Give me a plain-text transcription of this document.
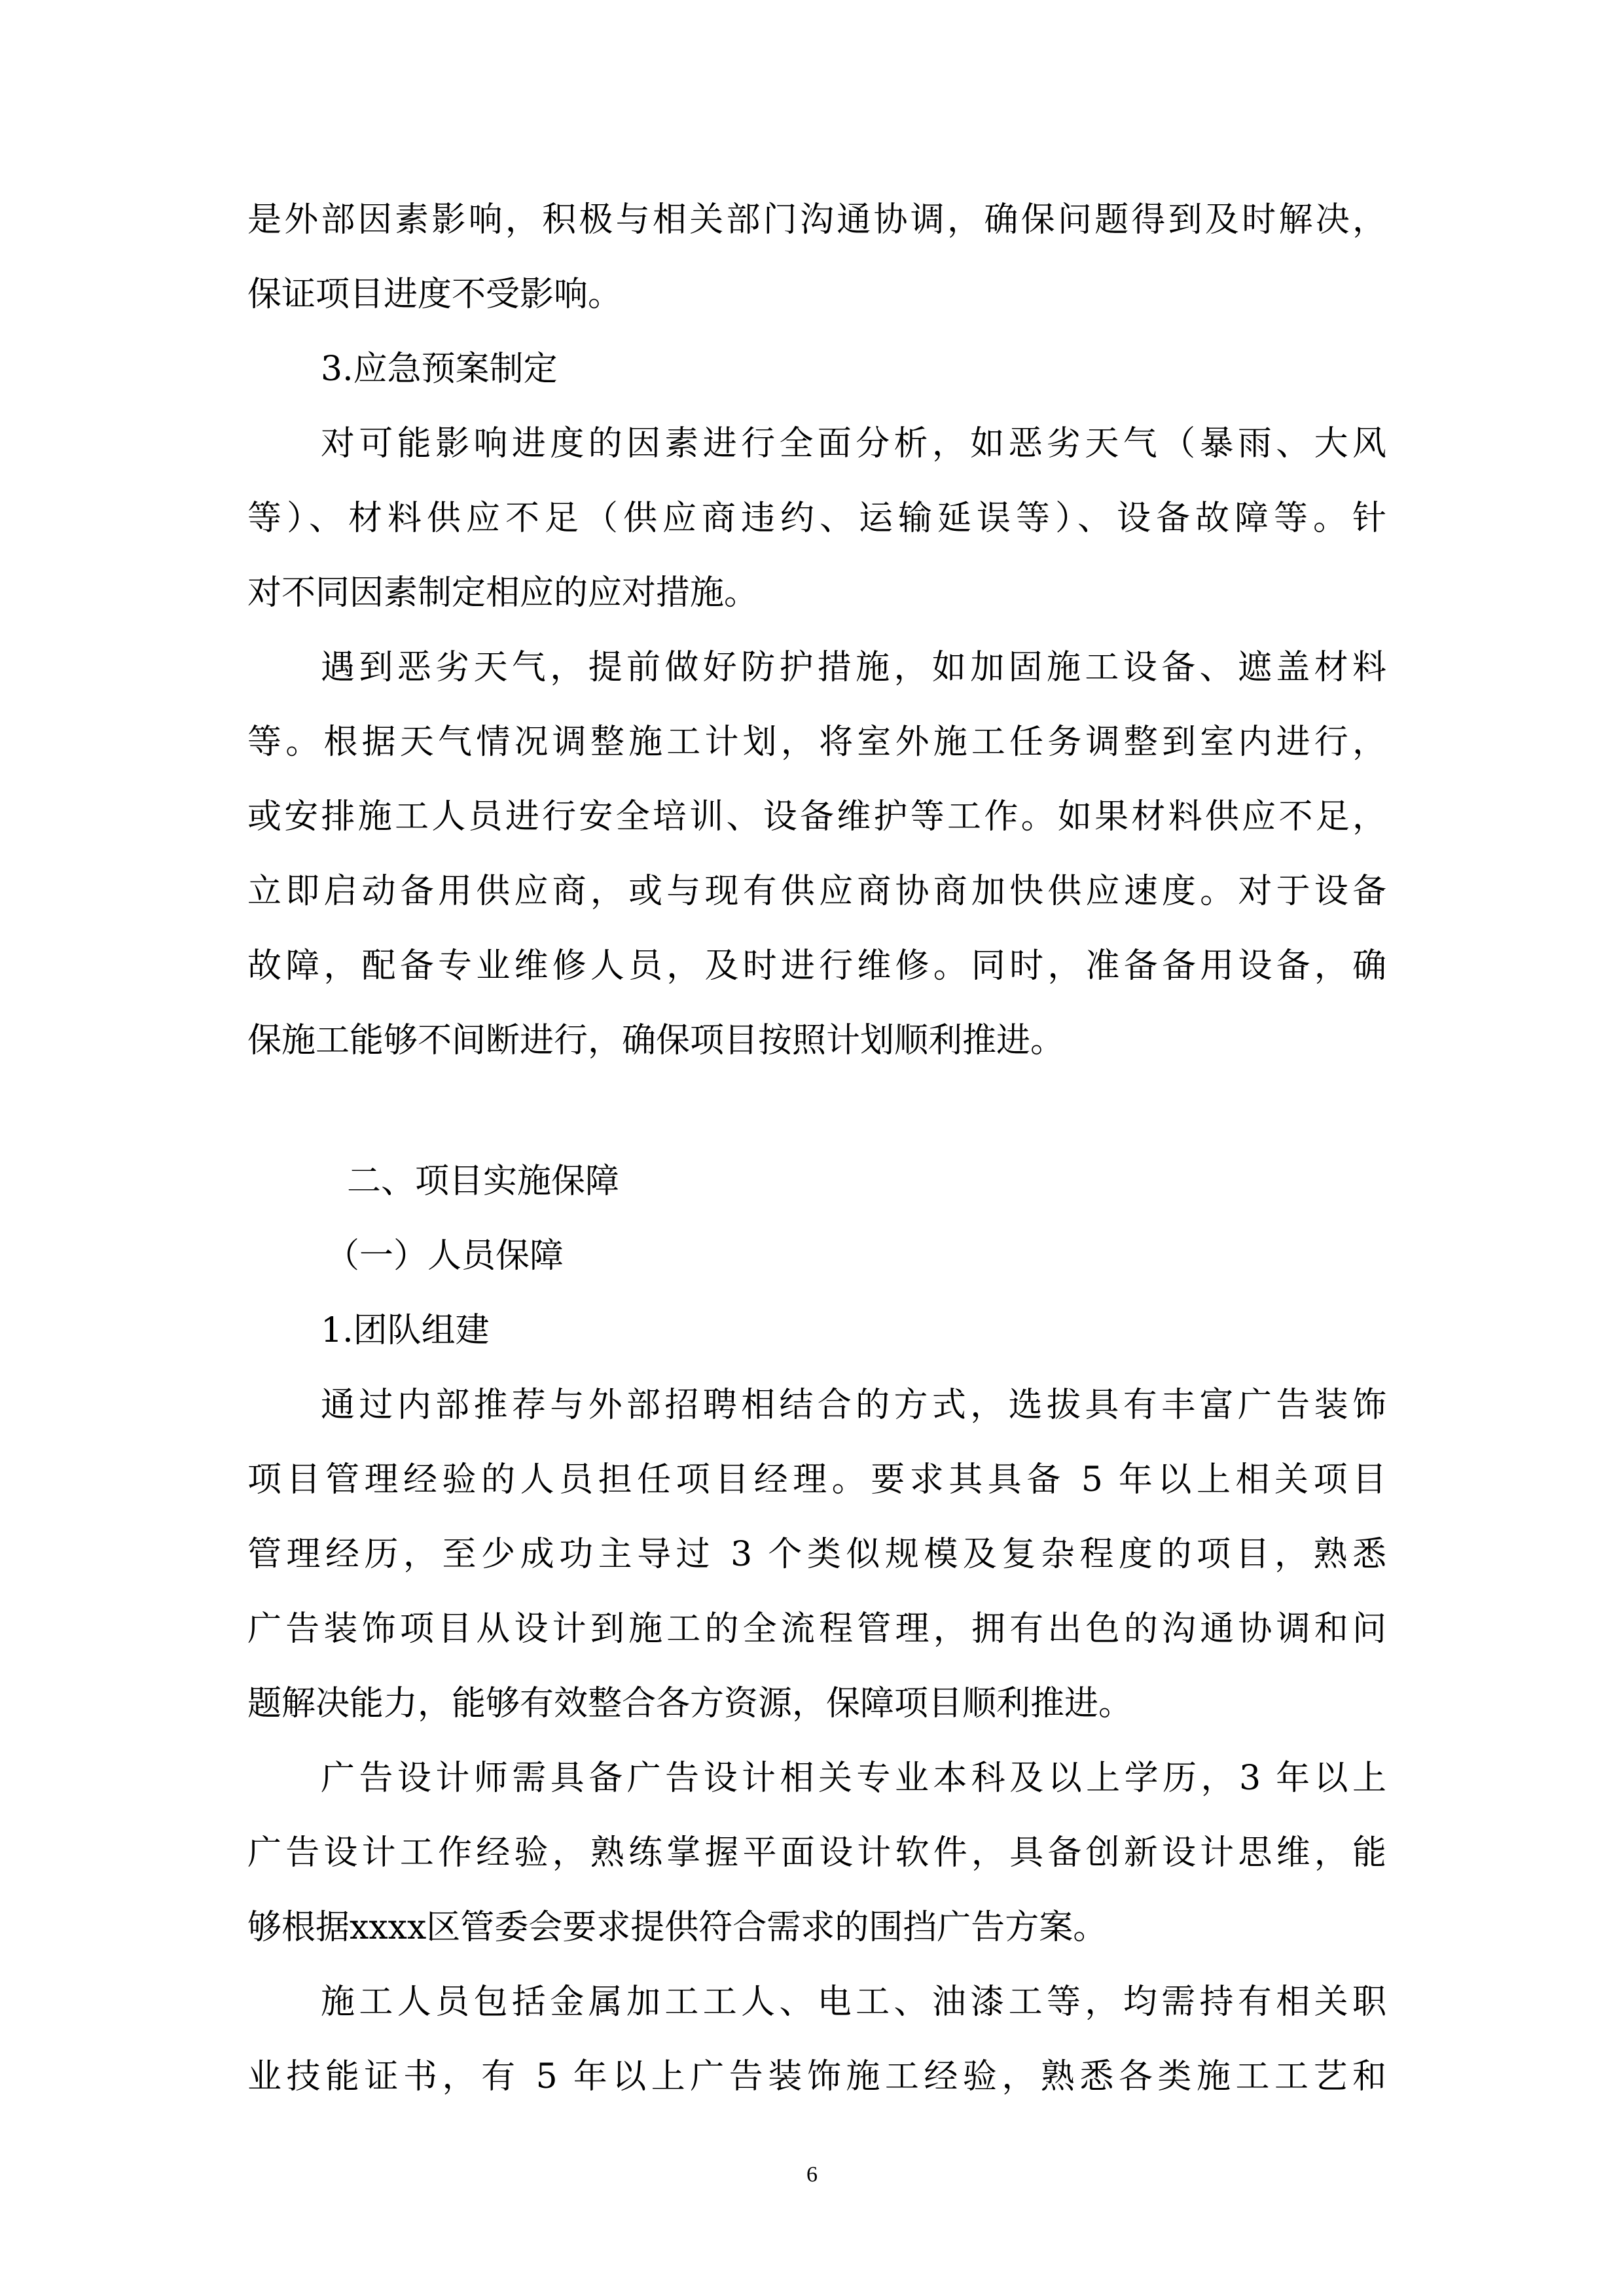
是外部因素影响，积极与相关部门沟通协调，确保问题得到及时解决，
保证项目进度不受影响。
3.应急预案制定
对可能影响进度的因素进行全面分析，如恶劣天气（暴雨、大风
等）、材料供应不足（供应商违约、运输延误等）、设备故障等。针
对不同因素制定相应的应对措施。
遇到恶劣天气，提前做好防护措施，如加固施工设备、遮盖材料
等。根据天气情况调整施工计划，将室外施工任务调整到室内进行，
或安排施工人员进行安全培训、设备维护等工作。如果材料供应不足，
立即启动备用供应商，或与现有供应商协商加快供应速度。对于设备
故障，配备专业维修人员，及时进行维修。同时，准备备用设备，确
保施工能够不间断进行，确保项目按照计划顺利推进。
二、项目实施保障
（一）人员保障
1.团队组建
通过内部推荐与外部招聘相结合的方式，选拔具有丰富广告装饰
项目管理经验的人员担任项目经理。要求其具备 5 年以上相关项目
管理经历，至少成功主导过 3 个类似规模及复杂程度的项目，熟悉
广告装饰项目从设计到施工的全流程管理，拥有出色的沟通协调和问
题解决能力，能够有效整合各方资源，保障项目顺利推进。
广告设计师需具备广告设计相关专业本科及以上学历，3 年以上
广告设计工作经验，熟练掌握平面设计软件，具备创新设计思维，能
够根据xxxx区管委会要求提供符合需求的围挡广告方案。
施工人员包括金属加工工人、电工、油漆工等，均需持有相关职
业技能证书，有 5 年以上广告装饰施工经验，熟悉各类施工工艺和
6
